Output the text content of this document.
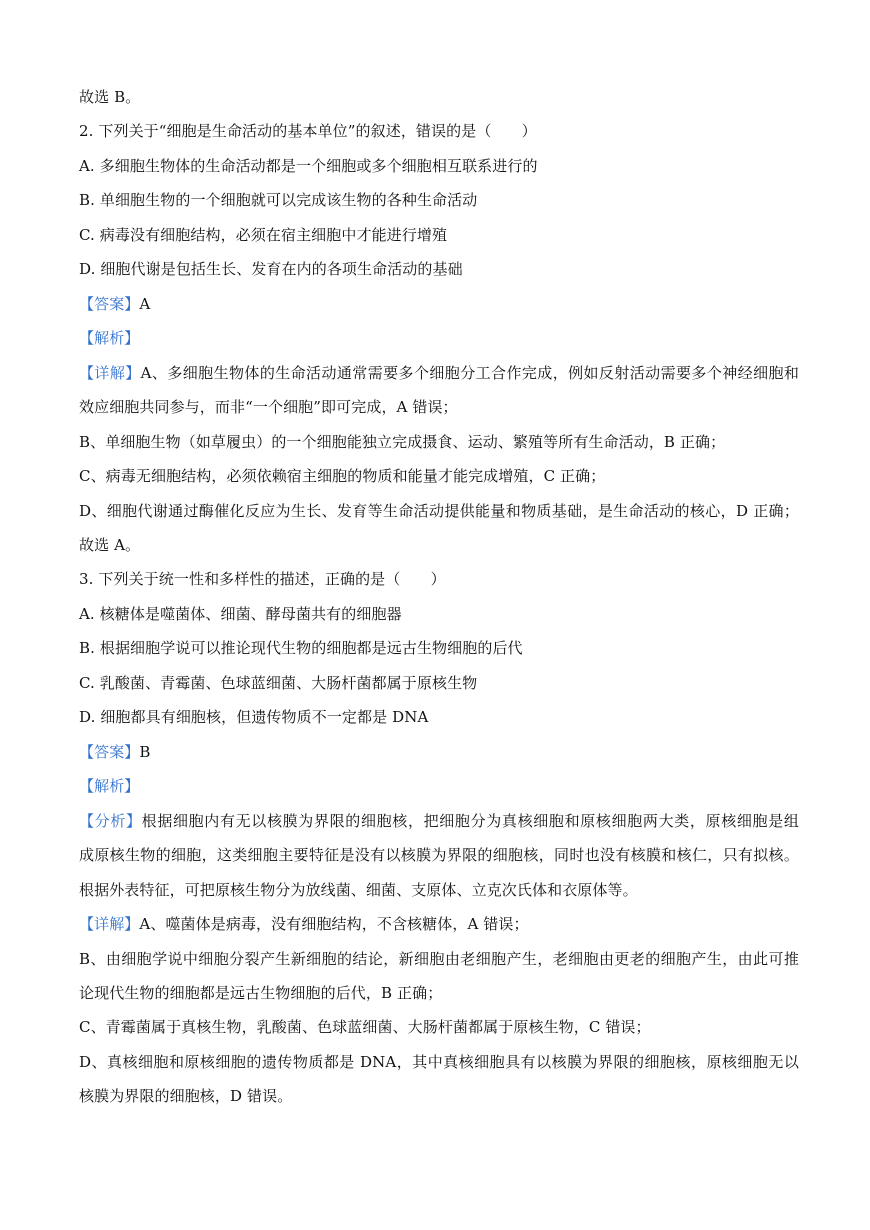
故选 B。
2. 下列关于“细胞是生命活动的基本单位”的叙述，错误的是（　　）
A. 多细胞生物体的生命活动都是一个细胞或多个细胞相互联系进行的
B. 单细胞生物的一个细胞就可以完成该生物的各种生命活动
C. 病毒没有细胞结构，必须在宿主细胞中才能进行增殖
D. 细胞代谢是包括生长、发育在内的各项生命活动的基础
【答案】A
【解析】
【详解】A、多细胞生物体的生命活动通常需要多个细胞分工合作完成，例如反射活动需要多个神经细胞和
效应细胞共同参与，而非“一个细胞”即可完成，A 错误；
B、单细胞生物（如草履虫）的一个细胞能独立完成摄食、运动、繁殖等所有生命活动，B 正确；
C、病毒无细胞结构，必须依赖宿主细胞的物质和能量才能完成增殖，C 正确；
D、细胞代谢通过酶催化反应为生长、发育等生命活动提供能量和物质基础，是生命活动的核心，D 正确；
故选 A。
3. 下列关于统一性和多样性的描述，正确的是（　　）
A. 核糖体是噬菌体、细菌、酵母菌共有的细胞器
B. 根据细胞学说可以推论现代生物的细胞都是远古生物细胞的后代
C. 乳酸菌、青霉菌、色球蓝细菌、大肠杆菌都属于原核生物
D. 细胞都具有细胞核，但遗传物质不一定都是 DNA
【答案】B
【解析】
【分析】根据细胞内有无以核膜为界限的细胞核，把细胞分为真核细胞和原核细胞两大类，原核细胞是组
成原核生物的细胞，这类细胞主要特征是没有以核膜为界限的细胞核，同时也没有核膜和核仁，只有拟核。
根据外表特征，可把原核生物分为放线菌、细菌、支原体、立克次氏体和衣原体等。
【详解】A、噬菌体是病毒，没有细胞结构，不含核糖体，A 错误；
B、由细胞学说中细胞分裂产生新细胞的结论，新细胞由老细胞产生，老细胞由更老的细胞产生，由此可推
论现代生物的细胞都是远古生物细胞的后代，B 正确；
C、青霉菌属于真核生物，乳酸菌、色球蓝细菌、大肠杆菌都属于原核生物，C 错误；
D、真核细胞和原核细胞的遗传物质都是 DNA，其中真核细胞具有以核膜为界限的细胞核，原核细胞无以
核膜为界限的细胞核，D 错误。
